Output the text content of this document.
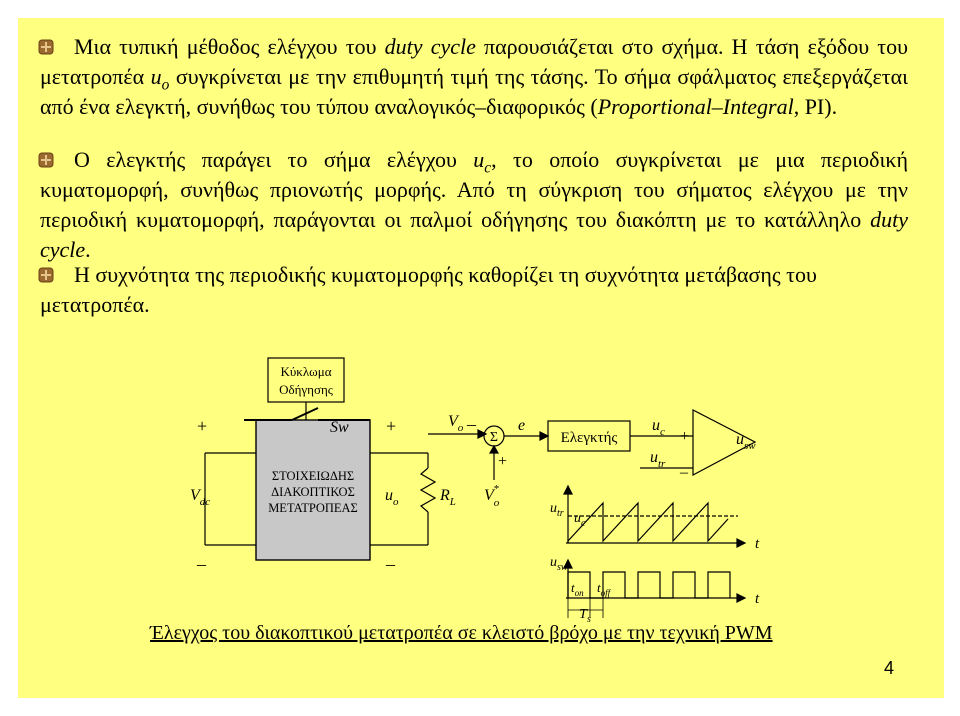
Μια τυπική μέθοδος ελέγχου του duty cycle παρουσιάζεται στο σχήμα. Η τάση εξόδου του μετατροπέα $u_o$ συγκρίνεται με την επιθυμητή τιμή της τάσης. Το σήμα σφάλματος επεξεργάζεται από ένα ελεγκτή, συνήθως του τύπου αναλογικός–διαφορικός (Proportional–Integral, PI).
Ο ελεγκτής παράγει το σήμα ελέγχου $u_c$, το οποίο συγκρίνεται με μια περιοδική κυματομορφή, συνήθως πριονωτής μορφής. Από τη σύγκριση του σήματος ελέγχου με την περιοδική κυματομορφή, παράγονται οι παλμοί οδήγησης του διακόπτη με το κατάλληλο duty cycle.
Η συχνότητα της περιοδικής κυματομορφής καθορίζει τη συχνότητα μετάβασης του μετατροπέα.
Κύκλωμα
Οδήγησης
ΣΤΟΙΧΕΙΩΔΗΣ
ΔΙΑΚΟΠΤΙΚΟΣ
ΜΕΤΑΤΡΟΠΕΑΣ
Sw
+
$V_{dc}$
–
+
$u_o$
–
$R_L$
$V_o$ –
Σ
+
$V_o*$
e
Ελεγκτής
$u_c$
$u_{tr}$
+
–
$u_{sw}$
$u_{tr}$ $u_c$
t
$u_{sw}$
t
$t_{on}$ $t_{off}$
$T_s$
Έλεγχος του διακοπτικού μετατροπέα σε κλειστό βρόχο με την τεχνική PWM
4
